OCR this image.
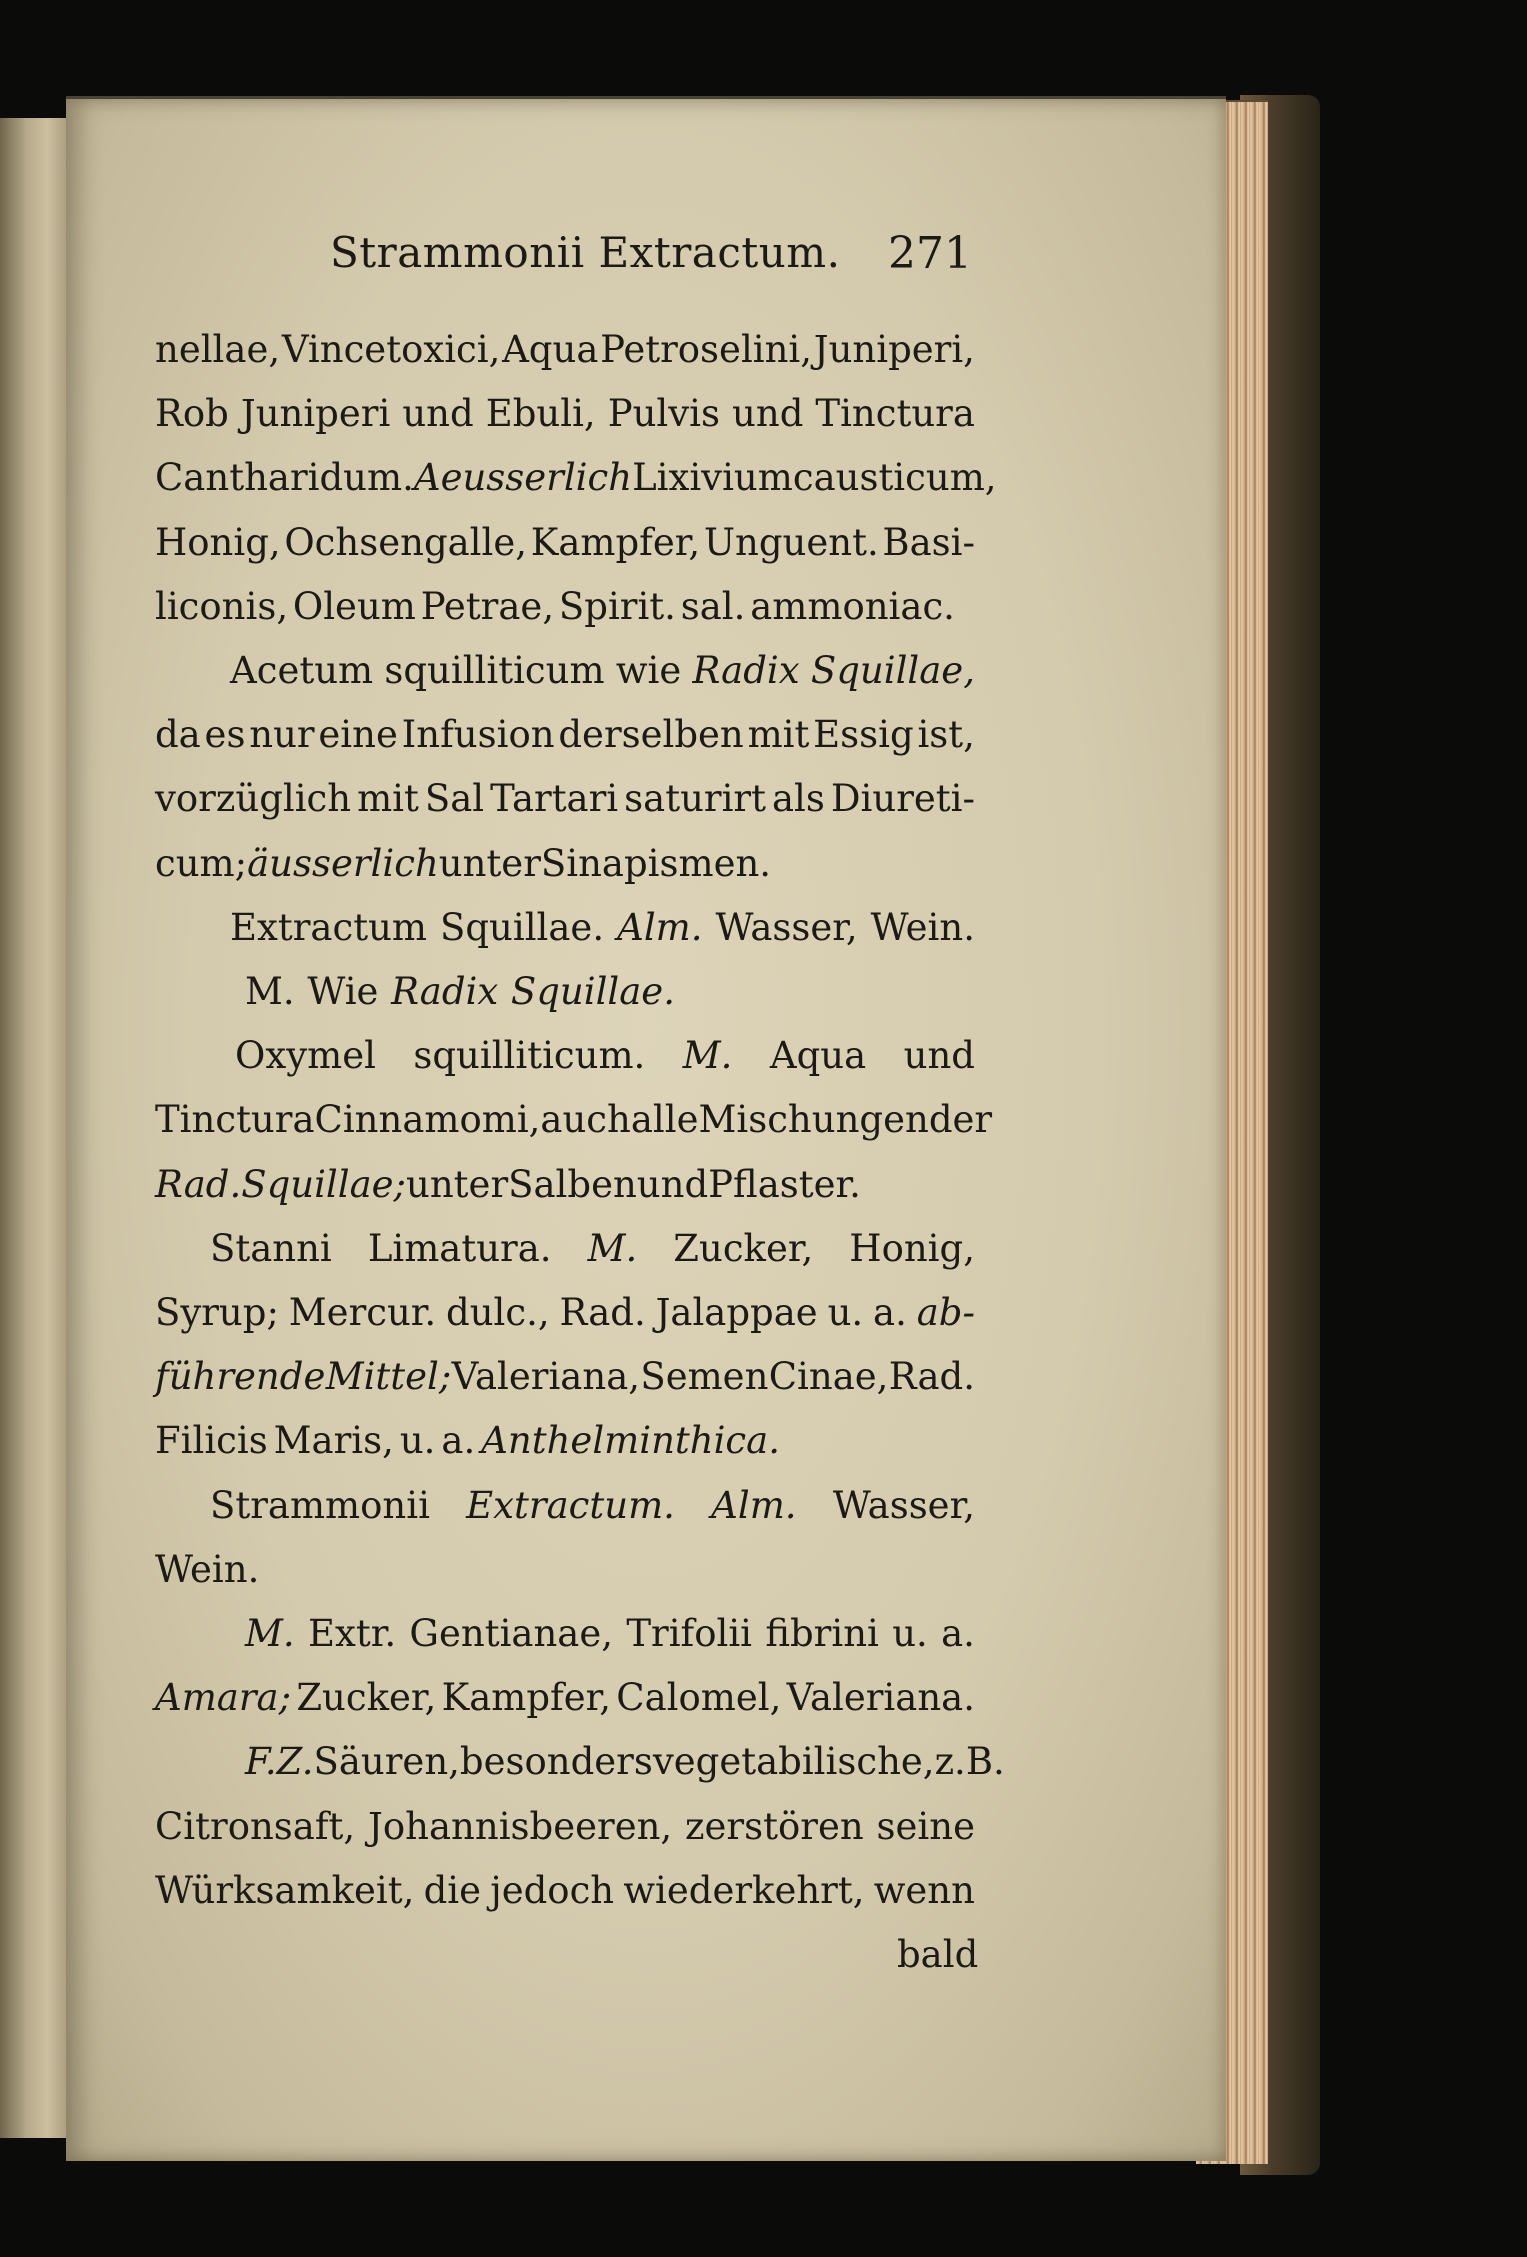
Strammonii Extractum. 271
nellae, Vincetoxici, Aqua Petroselini, Juniperi,
Rob Juniperi und Ebuli, Pulvis und Tinctura
Cantharidum. Aeusserlich Lixivium causticum,
Honig, Ochsengalle, Kampfer, Unguent. Basi-
liconis, Oleum Petrae, Spirit. sal. ammoniac.
Acetum squilliticum wie Radix Squillae,
da es nur eine Infusion derselben mit Essig ist,
vorzüglich mit Sal Tartari saturirt als Diureti-
cum; äusserlich unter Sinapismen.
Extractum Squillae. Alm. Wasser, Wein.
M. Wie Radix Squillae.
Oxymel squilliticum. M. Aqua und
Tinctura Cinnamomi, auch alle Mischungen der
Rad. Squillae; unter Salben und Pflaster.
Stanni Limatura. M. Zucker, Honig,
Syrup; Mercur. dulc., Rad. Jalappae u. a. ab-
führende Mittel; Valeriana, Semen Cinae, Rad.
Filicis Maris, u. a. Anthelminthica.
Strammonii Extractum. Alm. Wasser,
Wein.
M. Extr. Gentianae, Trifolii fibrini u. a.
Amara; Zucker, Kampfer, Calomel, Valeriana.
F. Z. Säuren, besonders vegetabilische, z. B.
Citronsaft, Johannisbeeren, zerstören seine
Würksamkeit, die jedoch wiederkehrt, wenn
bald
